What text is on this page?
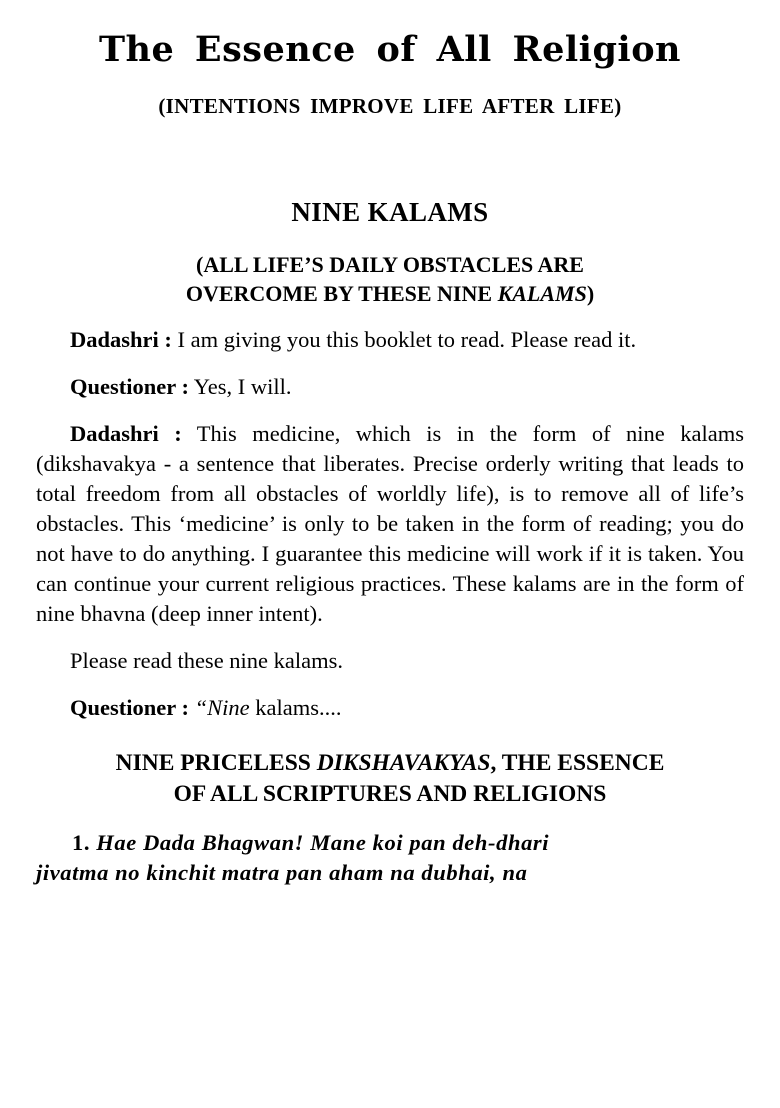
The Essence of All Religion
(INTENTIONS IMPROVE LIFE AFTER LIFE)
NINE KALAMS
(ALL LIFE’S DAILY OBSTACLES ARE
OVERCOME BY THESE NINE KALAMS)

Dadashri : I am giving you this booklet to read. Please read it.

Questioner : Yes, I will.

Dadashri : This medicine, which is in the form of nine kalams (dikshavakya - a sentence that liberates. Precise orderly writing that leads to total freedom from all obstacles of worldly life), is to remove all of life’s obstacles. This ‘medicine’ is only to be taken in the form of reading; you do not have to do anything. I guarantee this medicine will work if it is taken. You can continue your current religious practices. These kalams are in the form of nine bhavna (deep inner intent).

Please read these nine kalams.

Questioner : “Nine kalams....

NINE PRICELESS DIKSHAVAKYAS, THE ESSENCE
OF ALL SCRIPTURES AND RELIGIONS

1. Hae Dada Bhagwan! Mane koi pan deh-dhari

jivatma no kinchit matra pan aham na dubhai, na
